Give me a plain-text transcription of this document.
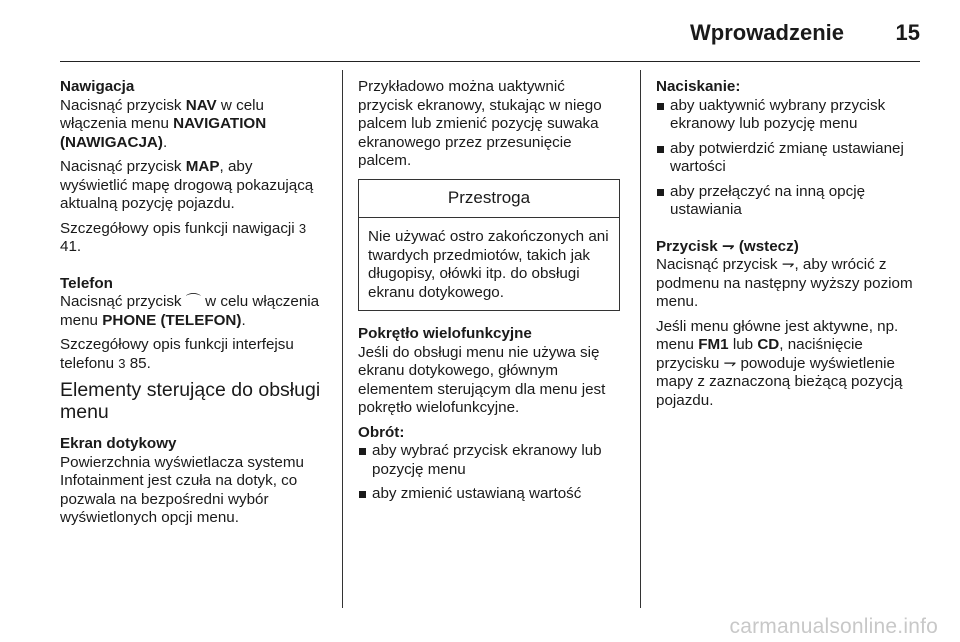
Wprowadzenie 15

Nawigacja

Nacisnąć przycisk NAV w celu włączenia menu NAVIGATION (NAWIGACJA).

Nacisnąć przycisk MAP, aby wyświetlić mapę drogową pokazującą aktualną pozycję pojazdu.

Szczegółowy opis funkcji nawigacji 3 41.

Telefon

Nacisnąć przycisk ⌒ w celu włączenia menu PHONE (TELEFON).

Szczegółowy opis funkcji interfejsu telefonu 3 85.

Elementy sterujące do obsługi menu

Ekran dotykowy

Powierzchnia wyświetlacza systemu Infotainment jest czuła na dotyk, co pozwala na bezpośredni wybór wyświetlonych opcji menu.

Przykładowo można uaktywnić przycisk ekranowy, stukając w niego palcem lub zmienić pozycję suwaka ekranowego przez przesunięcie palcem.

Przestroga
Nie używać ostro zakończonych ani twardych przedmiotów, takich jak długopisy, ołówki itp. do obsługi ekranu dotykowego.

Pokrętło wielofunkcyjne

Jeśli do obsługi menu nie używa się ekranu dotykowego, głównym elementem sterującym dla menu jest pokrętło wielofunkcyjne.

Obrót:

aby wybrać przycisk ekranowy lub pozycję menu
aby zmienić ustawianą wartość

Naciskanie:

aby uaktywnić wybrany przycisk ekranowy lub pozycję menu
aby potwierdzić zmianę ustawianej wartości
aby przełączyć na inną opcję ustawiania

Przycisk ⇁ (wstecz)

Nacisnąć przycisk ⇁, aby wrócić z podmenu na następny wyższy poziom menu.

Jeśli menu główne jest aktywne, np. menu FM1 lub CD, naciśnięcie przycisku ⇁ powoduje wyświetlenie mapy z zaznaczoną bieżącą pozycją pojazdu.

carmanualsonline.info
